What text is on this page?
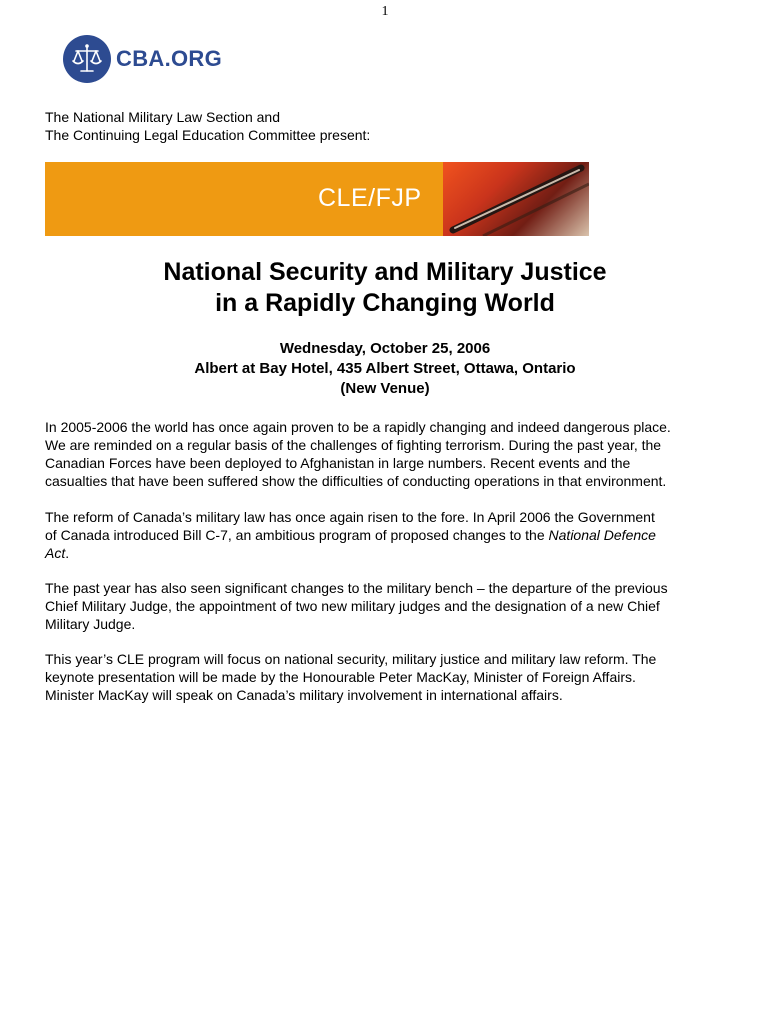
1
CBA.ORG
The National Military Law Section and
The Continuing Legal Education Committee present:
CLE/FJP
National Security and Military Justice
in a Rapidly Changing World
Wednesday, October 25, 2006
Albert at Bay Hotel, 435 Albert Street, Ottawa, Ontario
(New Venue)
In 2005-2006 the world has once again proven to be a rapidly changing and indeed dangerous place.
We are reminded on a regular basis of the challenges of fighting terrorism. During the past year, the
Canadian Forces have been deployed to Afghanistan in large numbers. Recent events and the
casualties that have been suffered show the difficulties of conducting operations in that environment.
The reform of Canada’s military law has once again risen to the fore. In April 2006 the Government
of Canada introduced Bill C-7, an ambitious program of proposed changes to the National Defence
Act.
The past year has also seen significant changes to the military bench – the departure of the previous
Chief Military Judge, the appointment of two new military judges and the designation of a new Chief
Military Judge.
This year’s CLE program will focus on national security, military justice and military law reform. The
keynote presentation will be made by the Honourable Peter MacKay, Minister of Foreign Affairs.
Minister MacKay will speak on Canada’s military involvement in international affairs.
